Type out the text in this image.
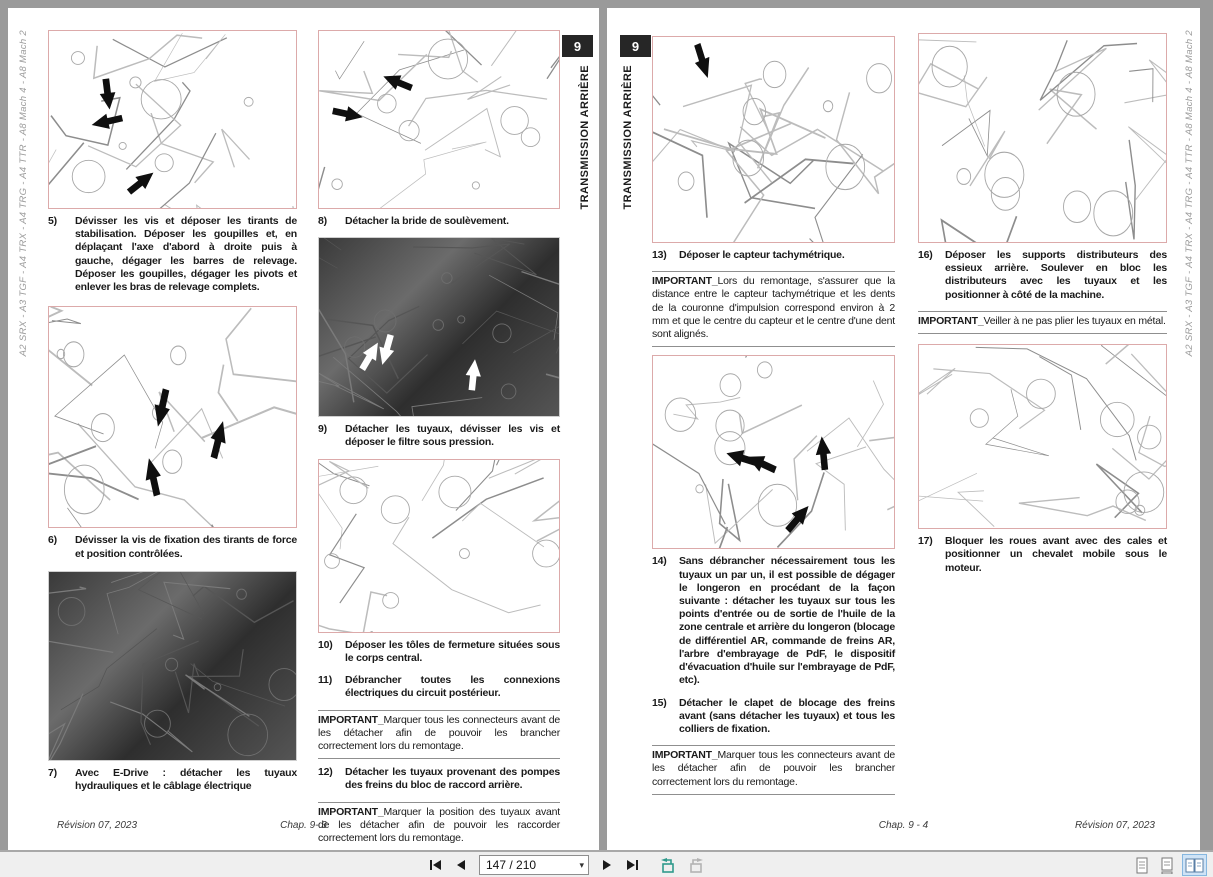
A2 SRX - A3 TGF - A4 TRX - A4 TRG - A4 TTR - A8 Mach 4 - A8 Mach 2	9
TRANSMISSION ARRIÈRE
5)	Dévisser les vis et déposer les tirants de stabilisation. Déposer les goupilles et, en déplaçant l'axe d'abord à droite puis à gauche, dégager les barres de relevage. Déposer les goupilles, dégager les pivots et enlever les bras de relevage complets.
6)	Dévisser la vis de fixation des tirants de force et position contrôlées.
7)	Avec E-Drive : détacher les tuyaux hydrauliques et le câblage électrique
8)	Détacher la bride de soulèvement.
9)	Détacher les tuyaux, dévisser les vis et déposer le filtre sous pression.
10)	Déposer les tôles de fermeture situées sous le corps central.
11)	Débrancher toutes les connexions électriques du circuit postérieur.

IMPORTANT_Marquer tous les connecteurs avant de les détacher afin de pouvoir les brancher correctement lors du remontage.

12)	Détacher les tuyaux provenant des pompes des freins du bloc de raccord arrière.

IMPORTANT_Marquer la position des tuyaux avant de les détacher afin de pouvoir les raccorder correctement lors du remontage.

Révision 07, 2023	Chap. 9- 3
9
TRANSMISSION ARRIÈRE	A2 SRX - A3 TGF - A4 TRX - A4 TRG - A4 TTR - A8 Mach 4 - A8 Mach 2
13)	Déposer le capteur tachymétrique.

IMPORTANT_Lors du remontage, s'assurer que la distance entre le capteur tachymétrique et les dents de la couronne d'impulsion correspond environ à 2 mm et que le centre du capteur et le centre d'une dent sont alignés.

14)	Sans débrancher nécessairement tous les tuyaux un par un, il est possible de dégager le longeron en procédant de la façon suivante : détacher les tuyaux sur tous les points d'entrée ou de sortie de l'huile de la zone centrale et arrière du longeron (blocage de différentiel AR, commande de freins AR, l'arbre d'embrayage de PdF, le dispositif d'évacuation d'huile sur l'embrayage de PdF, etc).
15)	Détacher le clapet de blocage des freins avant (sans détacher les tuyaux) et tous les colliers de fixation.

IMPORTANT_Marquer tous les connecteurs avant de les détacher afin de pouvoir les brancher correctement lors du remontage.

16)	Déposer les supports distributeurs des essieux arrière. Soulever en bloc les distributeurs avec les tuyaux et les positionner à côté de la machine.

IMPORTANT_Veiller à ne pas plier les tuyaux en métal.

17)	Bloquer les roues avant avec des cales et positionner un chevalet mobile sous le moteur.
Chap. 9 - 4	Révision 07, 2023
147 / 210	▾
